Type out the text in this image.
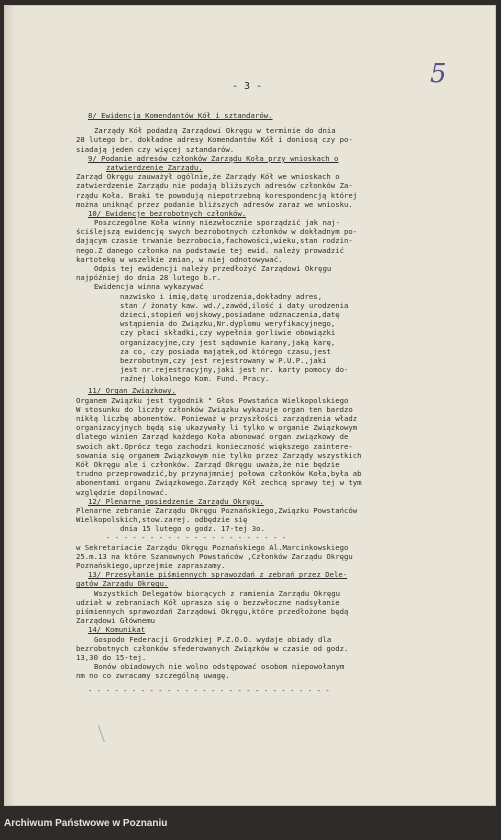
- 3 -	5
8/ Ewidencja Komendantów Kół i sztandarów.
Zarządy Kół podadzą Zarządowi Okręgu w terminie do dnia
28 lutego br. dokładne adresy Komendantów Kół i doniosą czy po-
siadają jeden czy więcej sztandarów.
9/ Podanie adresów członków Zarządu Koła przy wnioskach o
zatwierdzenie Zarządu.
Zarząd Okręgu zauważył ogólnie,że Zarządy Kół we wnioskach o
zatwierdzenie Zarządu nie podają bliższych adresów członków Za-
rządu Koła. Braki te powodują niepotrzebną korespondencją której
można uniknąć przez podanie bliższych adresów zaraz we wniosku.
10/ Ewidencje bezrobotnych członków.
Poszczególne Koła winny niezwłocznie sporządzić jak naj-
ściślejszą ewidencję swych bezrobotnych członków w dokładnym po-
dającym czasie trwanie bezrobocia,fachowości,wieku,stan rodzin-
nego.Z danego członka na podstawie tej ewid. należy prowadzić
kartotekę w wszelkie zmian, w niej odnotowywać.
Odpis tej ewidencji należy przedłożyć Zarządowi Okręgu
najpóźniej do dnia 28 lutego b.r.
Ewidencja winna wykazywać
nazwisko i imię,datę urodzenia,dokładny adres,
stan / żonaty kaw. wd./,zawód,ilość i daty urodzenia
dzieci,stopień wojskowy,posiadane odznaczenia,datę
wstąpienia do Związku,Nr.dyplomu weryfikacyjnego,
czy płaci składki,czy wypełnia gorliwie obowiązki
organizacyjne,czy jest sądownie karany,jaką karę,
za co, czy posiada majątek,od którego czasu,jest
bezrobotnym,czy jest rejestrowany w P.U.P.,jaki
jest nr.rejestracyjny,jaki jest nr. karty pomocy do-
raźnej lokalnego Kom. Fund. Pracy.
11/ Organ Związkowy.
Organem Związku jest tygodnik " Głos Powstańca Wielkopolskiego
W stosunku do liczby członków Związku wykazuje organ ten bardzo
nikłą liczbę abonentów. Ponieważ w przyszłości zarządzenia władz
organizacyjnych będą się ukazywały li tylko w organie Związkowym
dlatego winien Zarząd każdego Koła abonować organ związkowy de
swoich akt.Oprócz tego zachodzi konieczność większego zaintere-
sowania się organem Związkowym nie tylko przez Zarządy wszystkich
Kół Okręgu ale i członków. Zarząd Okręgu uważa,że nie będzie
trudno przeprowadzić,by przynajmniej połowa członków Koła,była ab
abonentami organu Związkowego.Zarządy Kół zechcą sprawy tej w tym
względzie dopilnować.
12/ Plenarne posiedzenie Zarządu Okręgu.
Plenarne zebranie Zarządu Okręgu Poznańskiego,Związku Powstańców
Wielkopolskich,stow.zarej. odbędzie się
dnia 15 lutego o godz. 17-tej 3o.
- - - - - - - - - - - - - - - - - - - - -
w Sekretariacie Zarządu Okręgu Poznańskiego Al.Marcinkowskiego
25.m.13 na które Szanownych Powstańców ,Członków Zarządu Okręgu
Poznańskiego,uprzejmie zapraszamy.
13/ Przesyłanie piśmiennych sprawozdań z zebrań przez Dele-
gatów Zarządu Okręgu.
Wszystkich Delegatów biorących z ramienia Zarządu Okręgu
udział w zebraniach Kół uprasza się o bezzwłoczne nadsyłanie
piśmiennych sprawozdań Zarządowi Okręgu,które przedłożone będą
Zarządowi Głównemu
14/ Komunikat
Gospodo Federacji Grodzkiej P.Z.O.O. wydaje obiady dla
bezrobotnych członków sfederowanych Związków w czasie od godz.
13,30 do 15-tej.
Bonów obiadowych nie wolno odstępować osobom niepowołanym
nm no co zwracamy szczególną uwagę.
- - - - - - - - - - - - - - - - - - - - - - - - - - - -
Archiwum Państwowe w Poznaniu
